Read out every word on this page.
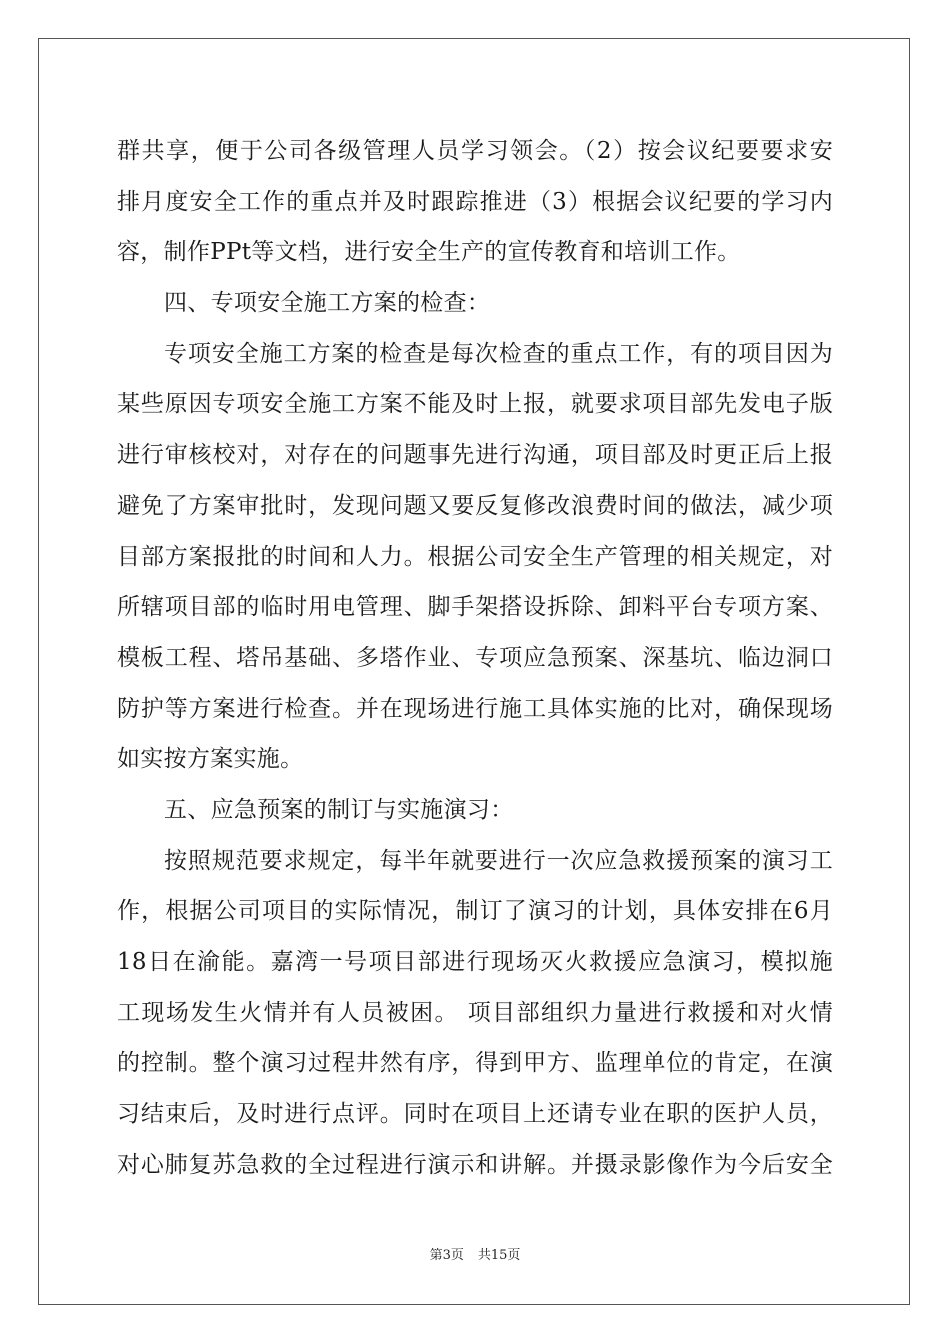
群共享，便于公司各级管理人员学习领会。（2）按会议纪要要求安
排月度安全工作的重点并及时跟踪推进（3）根据会议纪要的学习内
容，制作PPt等文档，进行安全生产的宣传教育和培训工作。
四、专项安全施工方案的检查：
专项安全施工方案的检查是每次检查的重点工作，有的项目因为
某些原因专项安全施工方案不能及时上报，就要求项目部先发电子版
进行审核校对，对存在的问题事先进行沟通，项目部及时更正后上报
避免了方案审批时，发现问题又要反复修改浪费时间的做法，减少项
目部方案报批的时间和人力。根据公司安全生产管理的相关规定，对
所辖项目部的临时用电管理、脚手架搭设拆除、卸料平台专项方案、
模板工程、塔吊基础、多塔作业、专项应急预案、深基坑、临边洞口
防护等方案进行检查。并在现场进行施工具体实施的比对，确保现场
如实按方案实施。
五、应急预案的制订与实施演习：
按照规范要求规定，每半年就要进行一次应急救援预案的演习工
作，根据公司项目的实际情况，制订了演习的计划，具体安排在6月
18日在渝能。嘉湾一号项目部进行现场灭火救援应急演习，模拟施
工现场发生火情并有人员被困。 项目部组织力量进行救援和对火情
的控制。整个演习过程井然有序，得到甲方、监理单位的肯定，在演
习结束后，及时进行点评。同时在项目上还请专业在职的医护人员，
对心肺复苏急救的全过程进行演示和讲解。并摄录影像作为今后安全
第3页 共15页
